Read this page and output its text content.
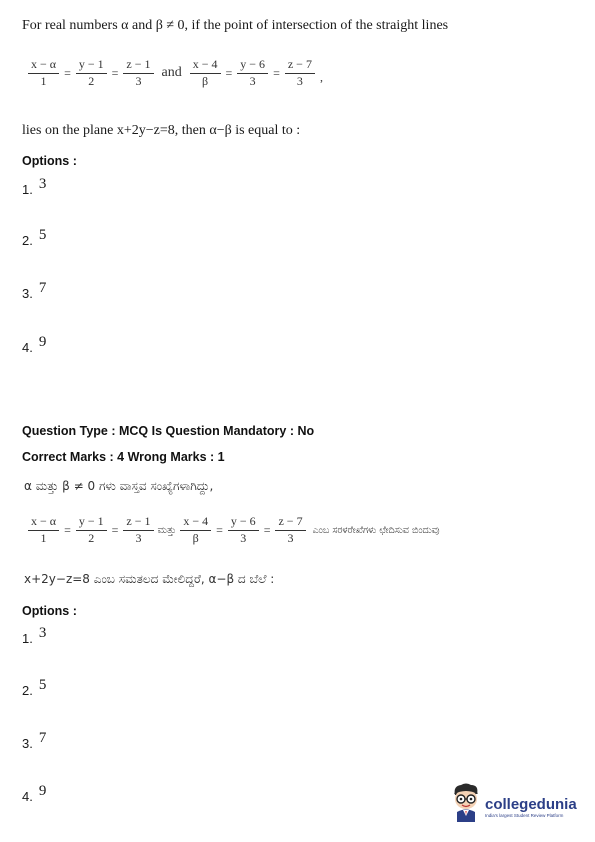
For real numbers α and β ≠ 0, if the point of intersection of the straight lines
$\frac{x - \alpha}{1} = \frac{y - 1}{2} = \frac{z - 1}{3}$ and $\frac{x - 4}{\beta} = \frac{y - 6}{3} = \frac{z - 7}{3}$ ,
lies on the plane x+2y−z=8, then α−β is equal to :
Options :
1. 3
2. 5
3. 7
4. 9
Question Type : MCQ Is Question Mandatory : No
Correct Marks : 4 Wrong Marks : 1
α ಮತ್ತು β ≠ 0 ಗಳು ವಾಸ್ತವ ಸಂಖ್ಯೆಗಳಾಗಿದ್ದು,
$\frac{x - \alpha}{1} = \frac{y - 1}{2} = \frac{z - 1}{3}$ ಮತ್ತು $\frac{x - 4}{\beta} = \frac{y - 6}{3} = \frac{z - 7}{3}$ ಎಂಬ ಸರಳರೇಖೆಗಳು ಛೇದಿಸುವ ಬಿಂದುವು
x+2y−z=8 ಎಂಬ ಸಮತಲದ ಮೇಲಿದ್ದರೆ, α−β ದ ಬೆಲೆ :
Options :
1. 3
2. 5
3. 7
4. 9
collegedunia
India's largest Student Review Platform
